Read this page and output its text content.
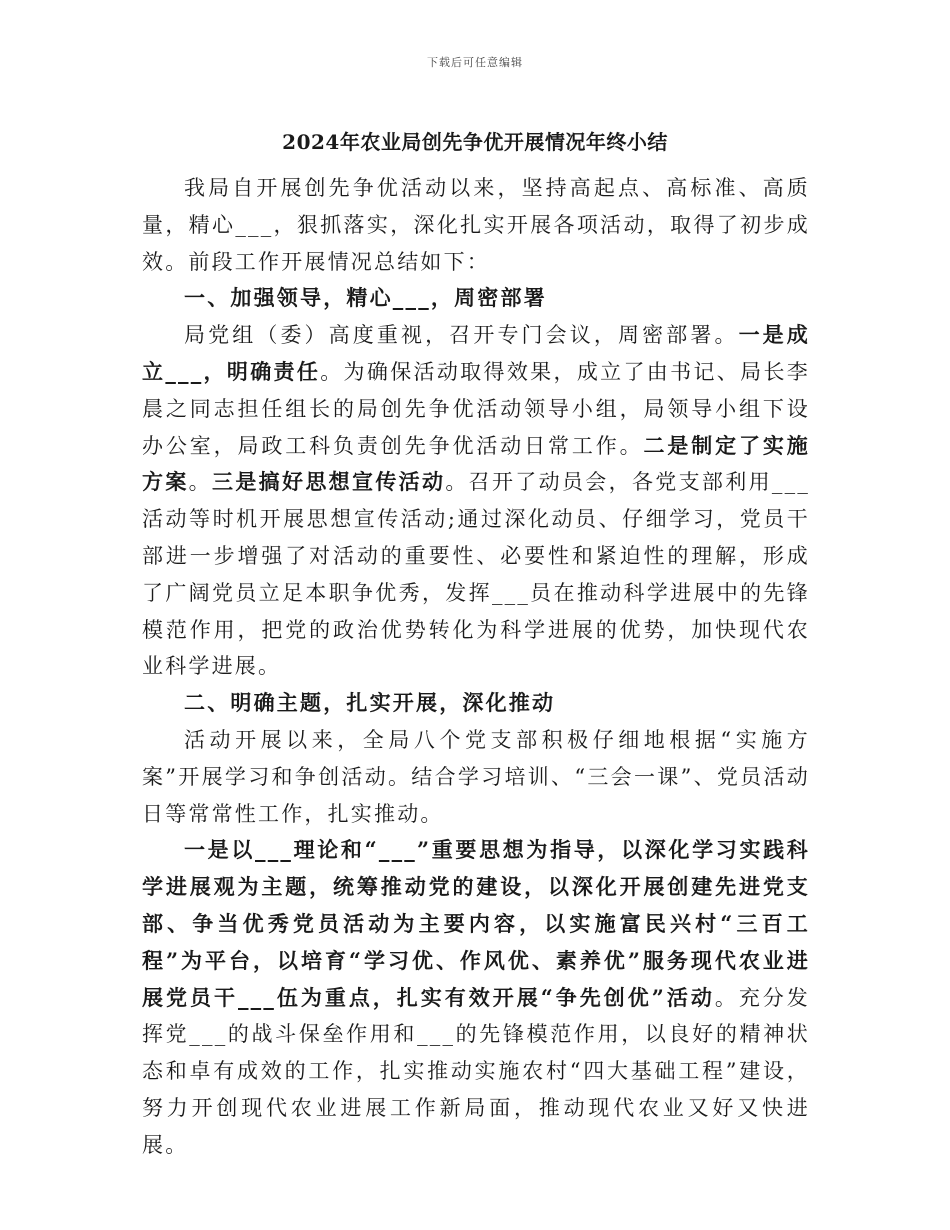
下载后可任意编辑
2024年农业局创先争优开展情况年终小结

我局自开展创先争优活动以来，坚持高起点、高标准、高质量，精心___，狠抓落实，深化扎实开展各项活动，取得了初步成效。前段工作开展情况总结如下：

一、加强领导，精心___，周密部署

局党组（委）高度重视，召开专门会议，周密部署。一是成立___，明确责任。为确保活动取得效果，成立了由书记、局长李晨之同志担任组长的局创先争优活动领导小组，局领导小组下设办公室，局政工科负责创先争优活动日常工作。二是制定了实施方案。三是搞好思想宣传活动。召开了动员会，各党支部利用___活动等时机开展思想宣传活动;通过深化动员、仔细学习，党员干部进一步增强了对活动的重要性、必要性和紧迫性的理解，形成了广阔党员立足本职争优秀，发挥___员在推动科学进展中的先锋模范作用，把党的政治优势转化为科学进展的优势，加快现代农业科学进展。

二、明确主题，扎实开展，深化推动

活动开展以来，全局八个党支部积极仔细地根据“实施方案”开展学习和争创活动。结合学习培训、“三会一课”、党员活动日等常常性工作，扎实推动。

一是以___理论和“___”重要思想为指导，以深化学习实践科学进展观为主题，统筹推动党的建设，以深化开展创建先进党支部、争当优秀党员活动为主要内容，以实施富民兴村“三百工程”为平台，以培育“学习优、作风优、素养优”服务现代农业进展党员干___伍为重点，扎实有效开展“争先创优”活动。充分发挥党___的战斗保垒作用和___的先锋模范作用，以良好的精神状态和卓有成效的工作，扎实推动实施农村“四大基础工程”建设，努力开创现代农业进展工作新局面，推动现代农业又好又快进展。
